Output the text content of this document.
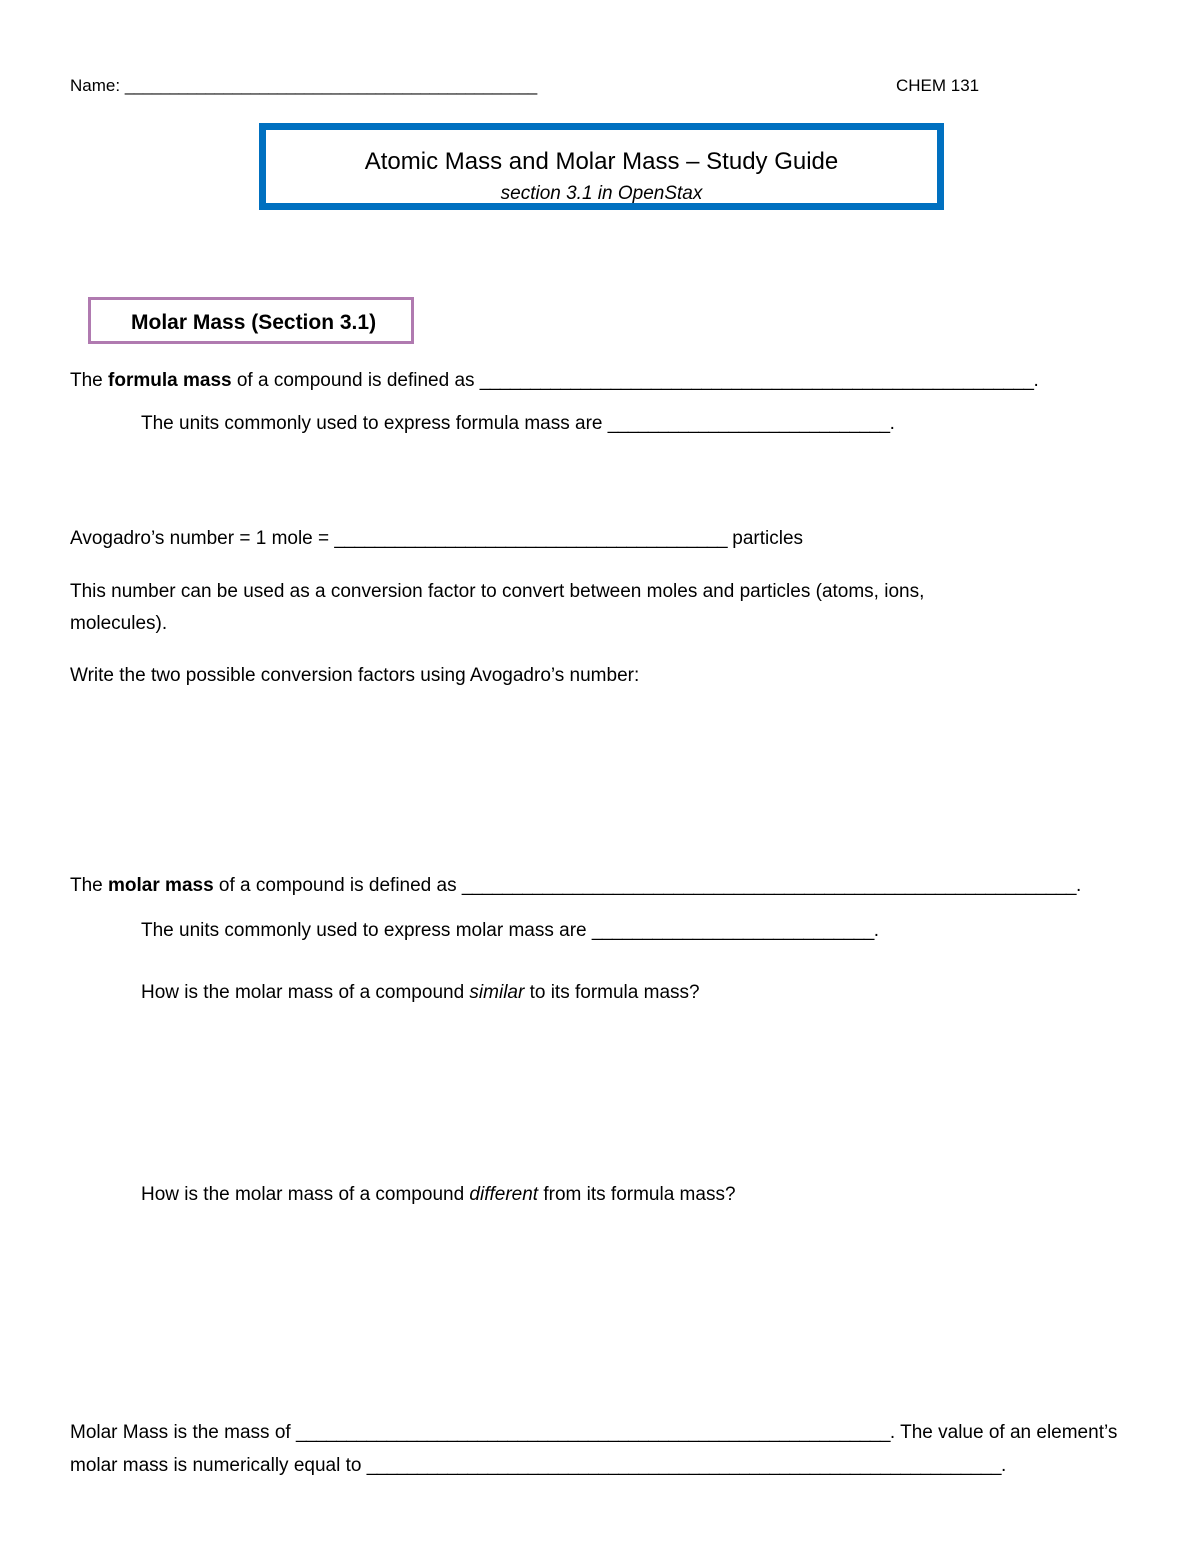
Name: ______________________________________________	CHEM 131
Atomic Mass and Molar Mass – Study Guide
section 3.1 in OpenStax
Molar Mass (Section 3.1)
The formula mass of a compound is defined as _______________________________________________________.
The units commonly used to express formula mass are ____________________________.
Avogadro’s number = 1 mole = _______________________________________ particles
This number can be used as a conversion factor to convert between moles and particles (atoms, ions,
molecules).
Write the two possible conversion factors using Avogadro’s number:
The molar mass of a compound is defined as _____________________________________________________________.
The units commonly used to express molar mass are ____________________________.
How is the molar mass of a compound similar to its formula mass?
How is the molar mass of a compound different from its formula mass?
Molar Mass is the mass of ___________________________________________________________. The value of an element’s
molar mass is numerically equal to _______________________________________________________________.
